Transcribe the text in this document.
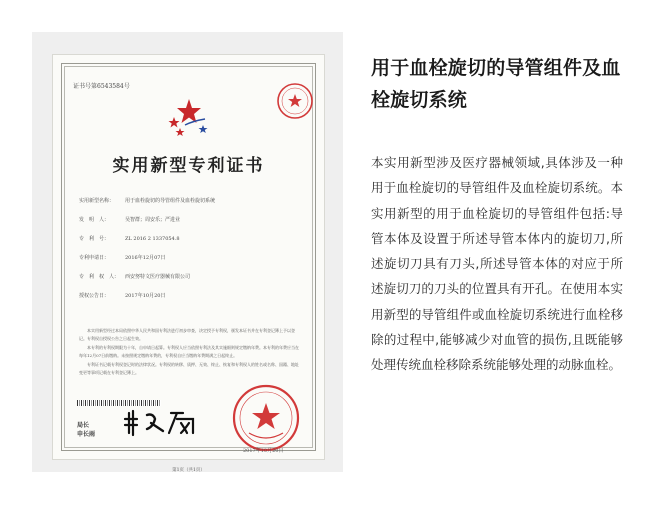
证书号第6543584号
实用新型专利证书
实用新型名称：	用于血栓旋切的导管组件及血栓旋切系统
发　明　人：	吴智群；周安乐；严进业
专　利　号：	ZL 2016 2 1337054.8
专利申请日：	2016年12月07日
专　利　权　人：	西安努特文医疗器械有限公司
授权公告日：	2017年10月20日

本实用新型经过本局依照中华人民共和国专利法进行初步审查，决定授予专利权，颁发本证书并在专利登记簿上予以登记。专利权自授权公告之日起生效。

本专利的专利权期限为十年，自申请日起算。专利权人应当依照专利法及其实施细则规定缴纳年费。本专利的年费应当在每年12月07日前缴纳。未按照规定缴纳年费的，专利权自应当缴纳年费期满之日起终止。

专利证书记载专利权登记时的法律状况。专利权的转移、质押、无效、终止、恢复和专利权人的姓名或名称、国籍、地址变更等事项记载在专利登记簿上。

局长
申长雨
2017年10月20日
第1页（共1页）
用于血栓旋切的导管组件及血栓旋切系统
本实用新型涉及医疗器械领域,具体涉及一种用于血栓旋切的导管组件及血栓旋切系统。本实用新型的用于血栓旋切的导管组件包括:导管本体及设置于所述导管本体内的旋切刀,所述旋切刀具有刀头,所述导管本体的对应于所述旋切刀的刀头的位置具有开孔。在使用本实用新型的导管组件或血栓旋切系统进行血栓移除的过程中,能够减少对血管的损伤,且既能够处理传统血栓移除系统能够处理的动脉血栓。
